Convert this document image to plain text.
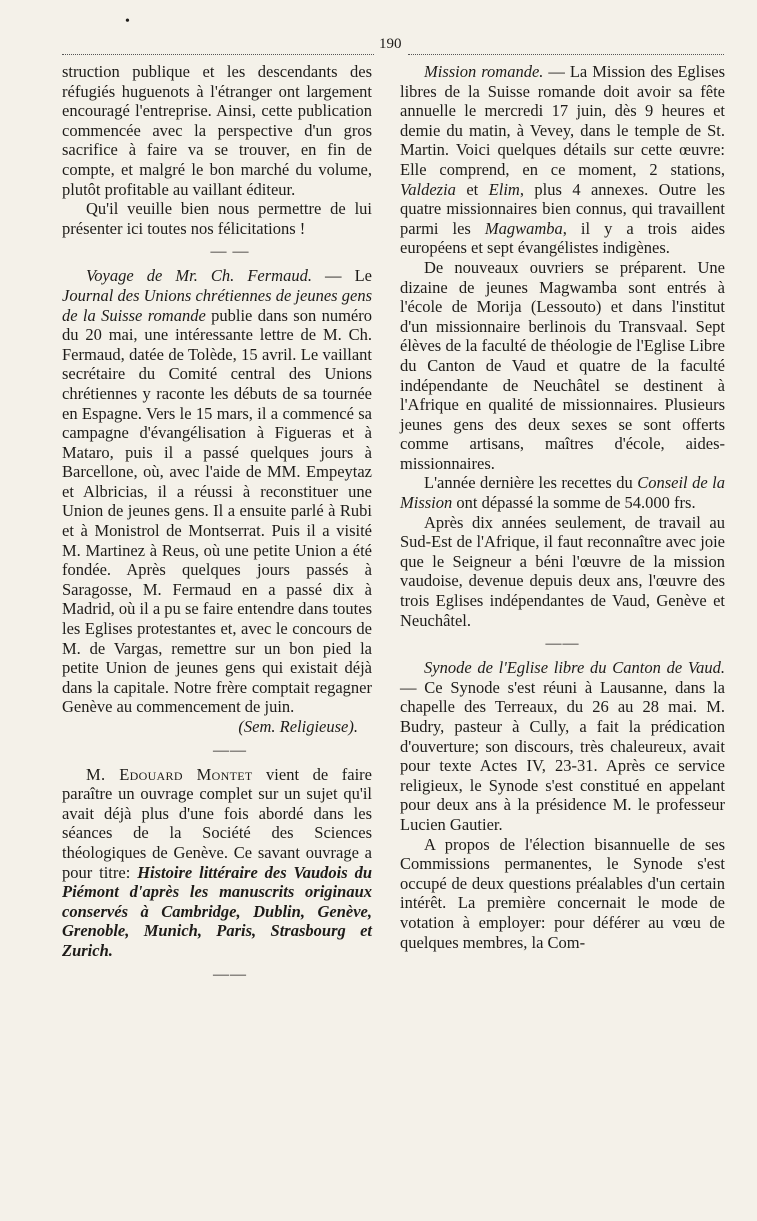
•
190

struction publique et les descendants des réfugiés huguenots à l'étranger ont largement encouragé l'entreprise. Ainsi, cette publication commencée avec la perspective d'un gros sacrifice à faire va se trouver, en fin de compte, et malgré le bon marché du volume, plutôt profitable au vaillant éditeur.

Qu'il veuille bien nous permettre de lui présenter ici toutes nos félicitations !

— —

Voyage de Mr. Ch. Fermaud. — Le Journal des Unions chrétiennes de jeunes gens de la Suisse romande publie dans son numéro du 20 mai, une intéressante lettre de M. Ch. Fermaud, datée de Tolède, 15 avril. Le vaillant secrétaire du Comité central des Unions chrétiennes y raconte les débuts de sa tournée en Espagne. Vers le 15 mars, il a commencé sa campagne d'évangélisation à Figueras et à Mataro, puis il a passé quelques jours à Barcellone, où, avec l'aide de MM. Empeytaz et Albricias, il a réussi à reconstituer une Union de jeunes gens. Il a ensuite parlé à Rubi et à Monistrol de Montserrat. Puis il a visité M. Martinez à Reus, où une petite Union a été fondée. Après quelques jours passés à Saragosse, M. Fermaud en a passé dix à Madrid, où il a pu se faire entendre dans toutes les Eglises protestantes et, avec le concours de M. de Vargas, remettre sur un bon pied la petite Union de jeunes gens qui existait déjà dans la capitale. Notre frère comptait regagner Genève au commencement de juin.

(Sem. Religieuse).

——

M. Edouard Montet vient de faire paraître un ouvrage complet sur un sujet qu'il avait déjà plus d'une fois abordé dans les séances de la Société des Sciences théologiques de Genève. Ce savant ouvrage a pour titre: Histoire littéraire des Vaudois du Piémont d'après les manuscrits originaux conservés à Cambridge, Dublin, Genève, Grenoble, Munich, Paris, Strasbourg et Zurich.

——

Mission romande. — La Mission des Eglises libres de la Suisse romande doit avoir sa fête annuelle le mercredi 17 juin, dès 9 heures et demie du matin, à Vevey, dans le temple de St. Martin. Voici quelques détails sur cette œuvre: Elle comprend, en ce moment, 2 stations, Valdezia et Elim, plus 4 annexes. Outre les quatre missionnaires bien connus, qui travaillent parmi les Magwamba, il y a trois aides européens et sept évangélistes indigènes.

De nouveaux ouvriers se préparent. Une dizaine de jeunes Magwamba sont entrés à l'école de Morija (Lessouto) et dans l'institut d'un missionnaire berlinois du Transvaal. Sept élèves de la faculté de théologie de l'Eglise Libre du Canton de Vaud et quatre de la faculté indépendante de Neuchâtel se destinent à l'Afrique en qualité de missionnaires. Plusieurs jeunes gens des deux sexes se sont offerts comme artisans, maîtres d'école, aides-missionnaires.

L'année dernière les recettes du Conseil de la Mission ont dépassé la somme de 54.000 frs.

Après dix années seulement, de travail au Sud-Est de l'Afrique, il faut reconnaître avec joie que le Seigneur a béni l'œuvre de la mission vaudoise, devenue depuis deux ans, l'œuvre des trois Eglises indépendantes de Vaud, Genève et Neuchâtel.

——

Synode de l'Eglise libre du Canton de Vaud. — Ce Synode s'est réuni à Lausanne, dans la chapelle des Terreaux, du 26 au 28 mai. M. Budry, pasteur à Cully, a fait la prédication d'ouverture; son discours, très chaleureux, avait pour texte Actes IV, 23-31. Après ce service religieux, le Synode s'est constitué en appelant pour deux ans à la présidence M. le professeur Lucien Gautier.

A propos de l'élection bisannuelle de ses Commissions permanentes, le Synode s'est occupé de deux questions préalables d'un certain intérêt. La première concernait le mode de votation à employer: pour déférer au vœu de quelques membres, la Com-
